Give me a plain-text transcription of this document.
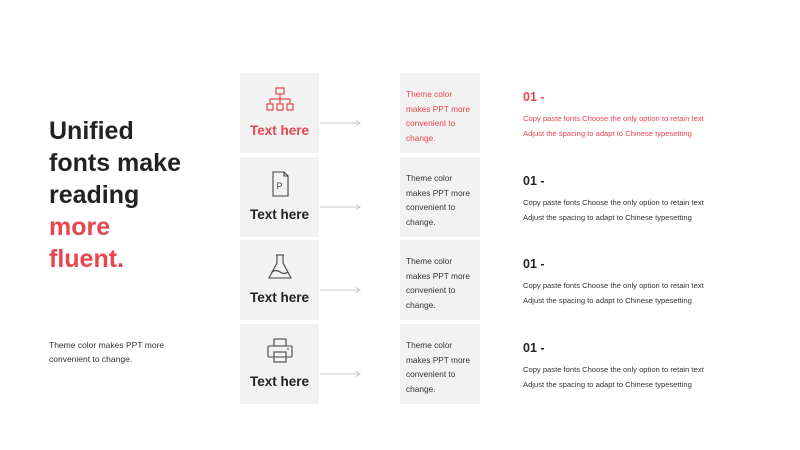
Unified
fonts make
reading
more
fluent.
Theme color makes PPT more convenient to change.
Text here
Theme color makes PPT more convenient to change.
01 -
Copy paste fonts Choose the only option to retain text
Adjust the spacing to adapt to Chinese typesetting
P
Text here
Theme color makes PPT more convenient to change.
01 -
Copy paste fonts Choose the only option to retain text
Adjust the spacing to adapt to Chinese typesetting
Text here
Theme color makes PPT more convenient to change.
01 -
Copy paste fonts Choose the only option to retain text
Adjust the spacing to adapt to Chinese typesetting
Text here
Theme color makes PPT more convenient to change.
01 -
Copy paste fonts Choose the only option to retain text
Adjust the spacing to adapt to Chinese typesetting
